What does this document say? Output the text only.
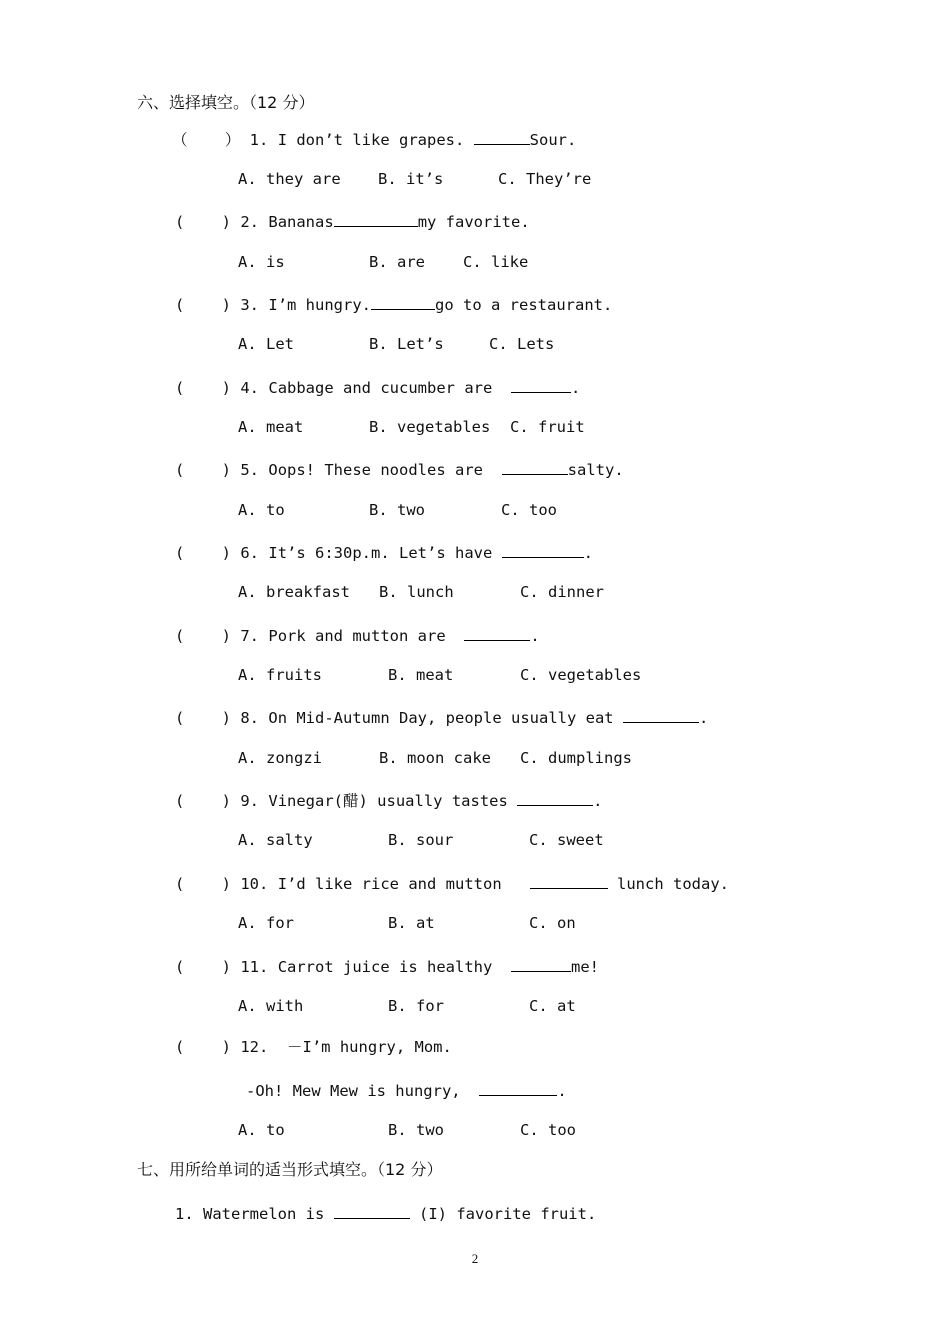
六、选择填空。（12 分）
（    ） 1. I don’t like grapes.	Sour.
A. they are B. it’s	C. They’re
(    ) 2. Bananas	my favorite.
A. is	B. are C. like
(    ) 3. I’m hungry.	go to a restaurant.
A. Let	B. Let’s	C. Lets
(    ) 4. Cabbage and cucumber are	.
A. meat	B. vegetables C. fruit
(    ) 5. Oops! These noodles are	salty.
A. to	B. two	C. too
(    ) 6. It’s 6:30p.m. Let’s have	.
A. breakfast B. lunch	C. dinner
(    ) 7. Pork and mutton are	.
A. fruits	B. meat	C. vegetables
(    ) 8. On Mid-Autumn Day, people usually eat	.
A. zongzi	B. moon cake C. dumplings
(    ) 9. Vinegar(醋) usually tastes	.
A. salty	B. sour	C. sweet
(    ) 10. I’d like rice and mutton	lunch today.
A. for	B. at	C. on
(    ) 11. Carrot juice is healthy	me!
A. with	B. for	C. at
(    ) 12. －I’m hungry, Mom.
-Oh! Mew Mew is hungry,	.
A. to	B. two	C. too
七、用所给单词的适当形式填空。（12 分）
1. Watermelon is	(I) favorite fruit.
2
